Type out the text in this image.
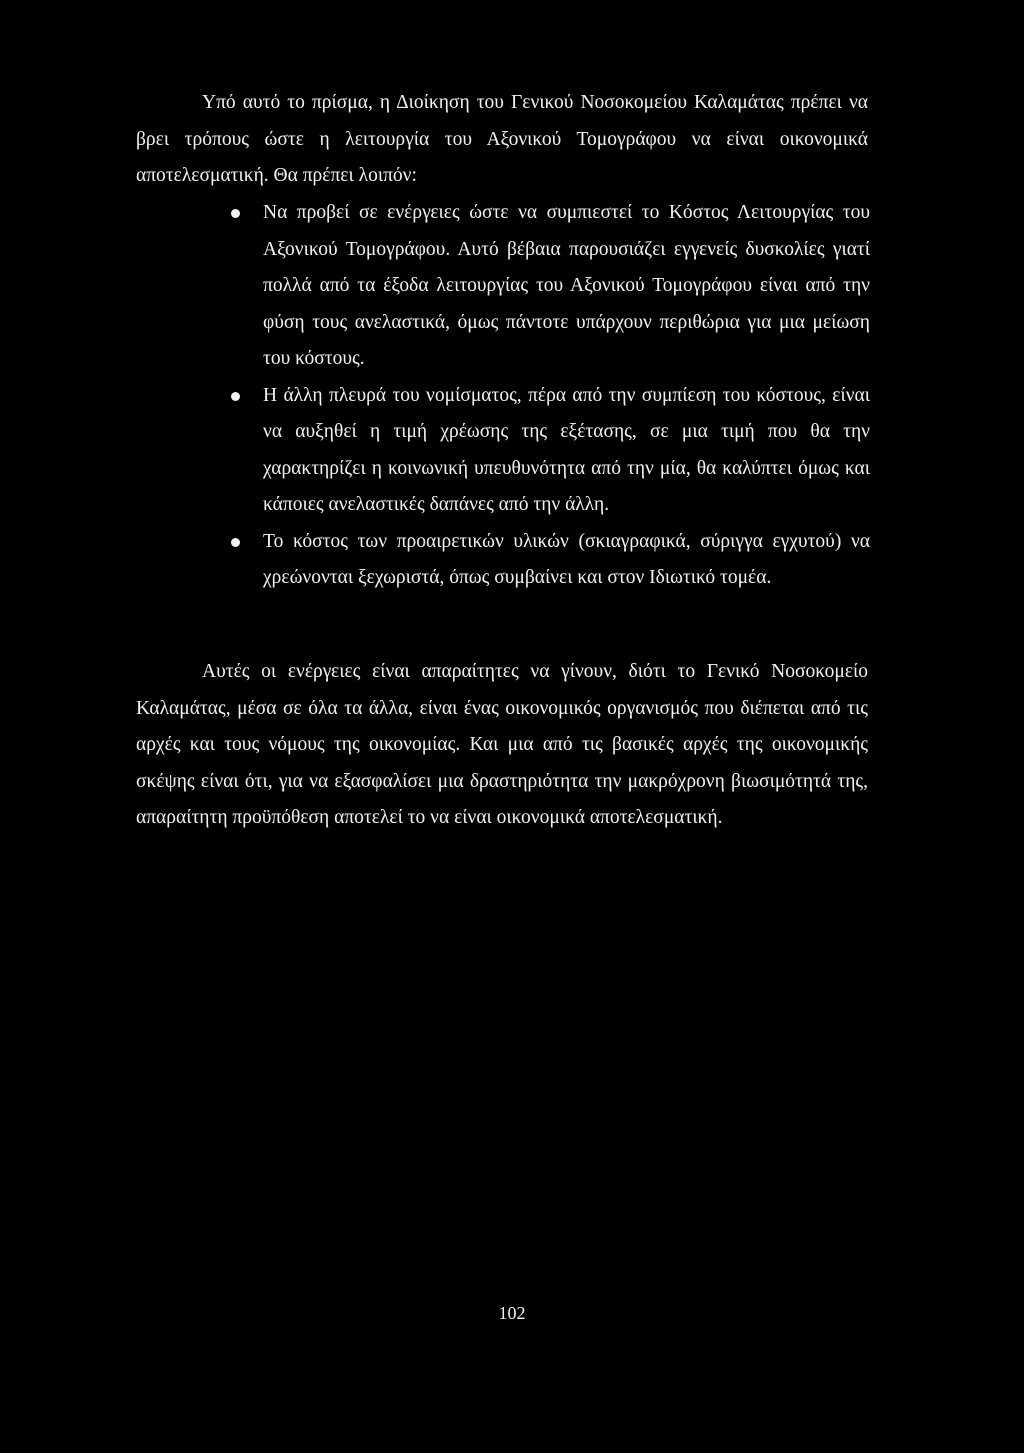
Υπό αυτό το πρίσμα, η Διοίκηση του Γενικού Νοσοκομείου Καλαμάτας πρέπει να βρει τρόπους ώστε η λειτουργία του Αξονικού Τομογράφου να είναι οικονομικά αποτελεσματική. Θα πρέπει λοιπόν:

Να προβεί σε ενέργειες ώστε να συμπιεστεί το Κόστος Λειτουργίας του Αξονικού Τομογράφου. Αυτό βέβαια παρουσιάζει εγγενείς δυσκολίες γιατί πολλά από τα έξοδα λειτουργίας του Αξονικού Τομογράφου είναι από την φύση τους ανελαστικά, όμως πάντοτε υπάρχουν περιθώρια για μια μείωση του κόστους.
Η άλλη πλευρά του νομίσματος, πέρα από την συμπίεση του κόστους, είναι να αυξηθεί η τιμή χρέωσης της εξέτασης, σε μια τιμή που θα την χαρακτηρίζει η κοινωνική υπευθυνότητα από την μία, θα καλύπτει όμως και κάποιες ανελαστικές δαπάνες από την άλλη.
Το κόστος των προαιρετικών υλικών (σκιαγραφικά, σύριγγα εγχυτού) να χρεώνονται ξεχωριστά, όπως συμβαίνει και στον Ιδιωτικό τομέα.

Αυτές οι ενέργειες είναι απαραίτητες να γίνουν, διότι το Γενικό Νοσοκομείο Καλαμάτας, μέσα σε όλα τα άλλα, είναι ένας οικονομικός οργανισμός που διέπεται από τις αρχές και τους νόμους της οικονομίας. Και μια από τις βασικές αρχές της οικονομικής σκέψης είναι ότι, για να εξασφαλίσει μια δραστηριότητα την μακρόχρονη βιωσιμότητά της, απαραίτητη προϋπόθεση αποτελεί το να είναι οικονομικά αποτελεσματική.

102
